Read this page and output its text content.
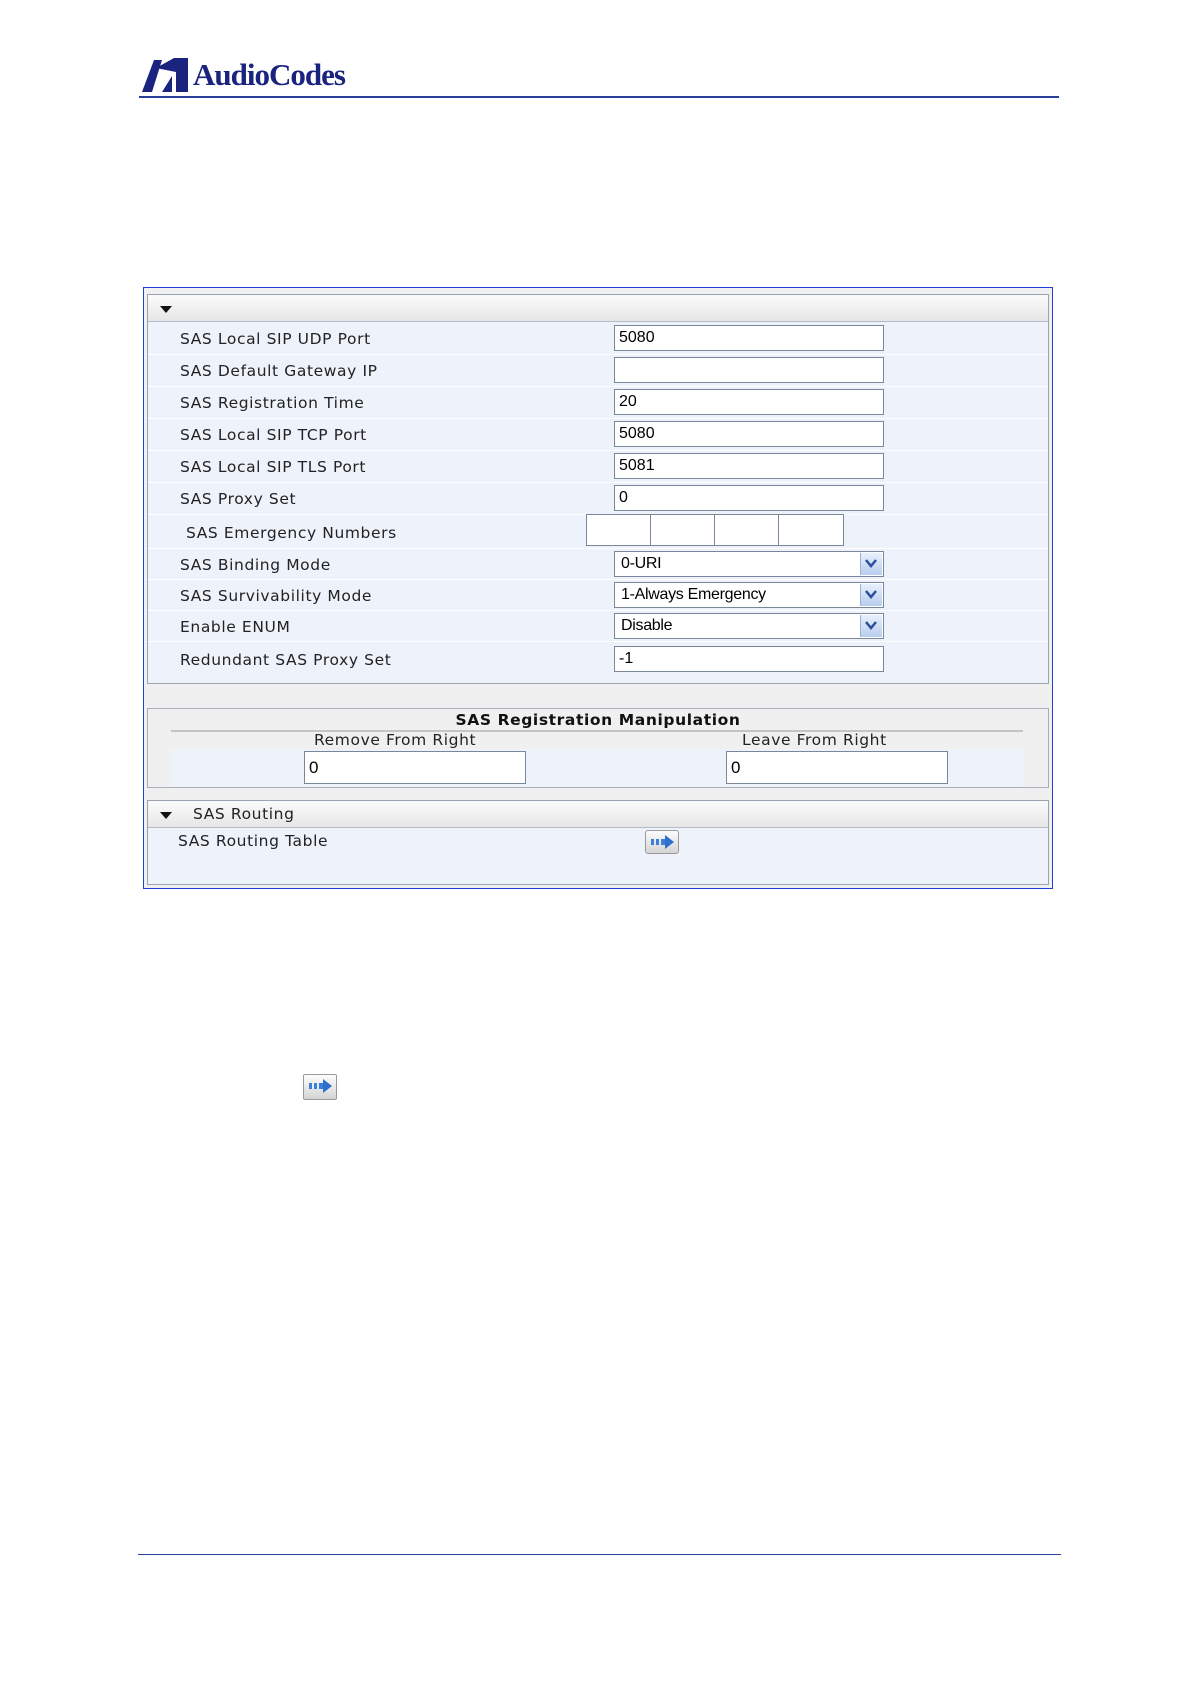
AudioCodes
SAS Local SIP UDP Port	5080
SAS Default Gateway IP
SAS Registration Time	20
SAS Local SIP TCP Port	5080
SAS Local SIP TLS Port	5081
SAS Proxy Set	0
SAS Emergency Numbers
SAS Binding Mode	0-URI
SAS Survivability Mode	1-Always Emergency
Enable ENUM	Disable
Redundant SAS Proxy Set	-1
SAS Registration Manipulation
Remove From Right	Leave From Right
0	0
SAS Routing
SAS Routing Table
